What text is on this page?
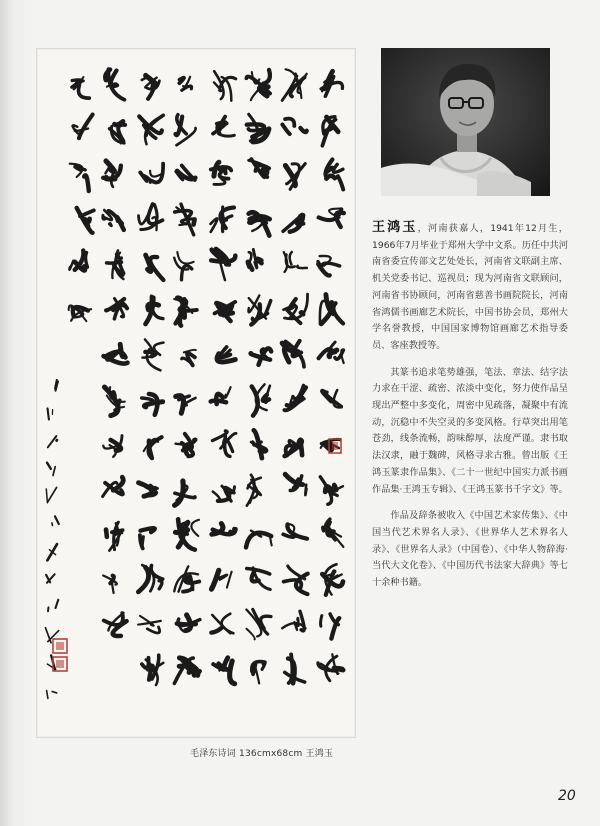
毛泽东诗词 136cmx68cm 王鸿玉

王鸿玉，河南获嘉人，1941年12月生，1966年7月毕业于郑州大学中文系。历任中共河南省委宣传部文艺处处长，河南省文联副主席、机关党委书记、巡视员；现为河南省文联顾问，河南省书协顾问，河南省慈善书画院院长，河南省鸿儒书画廊艺术院长，中国书协会员，郑州大学名誉教授，中国国家博物馆画廊艺术指导委员、客座教授等。

其篆书追求笔势雄强，笔法、章法、结字法力求在干涩、疏密、浓淡中变化，努力使作品呈现出严整中多变化，周密中见疏落，凝聚中有流动，沉稳中不失空灵的多变风格。行草突出用笔苍劲，线条流畅，韵味醇厚，法度严谨。隶书取法汉隶，融于魏碑，风格寻求古雅。曾出版《王鸿玉篆隶作品集》、《二十一世纪中国实力派书画作品集·王鸿玉专辑》、《王鸿玉篆书千字文》等。

作品及辞条被收入《中国艺术家传集》、《中国当代艺术界名人录》、《世界华人艺术界名人录》、《世界名人录》（中国卷）、《中华人物辞海·当代大文化卷》、《中国历代书法家大辞典》等七十余种书籍。

20
